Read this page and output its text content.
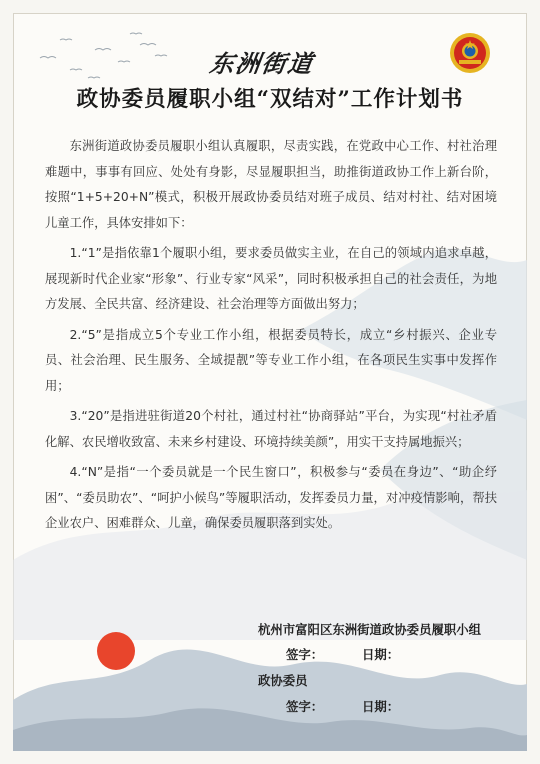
东洲街道
政协委员履职小组“双结对”工作计划书

东洲街道政协委员履职小组认真履职，尽责实践，在党政中心工作、村社治理难题中，事事有回应、处处有身影，尽显履职担当，助推街道政协工作上新台阶，按照“1+5+20+N”模式，积极开展政协委员结对班子成员、结对村社、结对困境儿童工作，具体安排如下：

1.“1”是指依靠1个履职小组，要求委员做实主业，在自己的领域内追求卓越，展现新时代企业家“形象”、行业专家“风采”，同时积极承担自己的社会责任，为地方发展、全民共富、经济建设、社会治理等方面做出努力；

2.“5”是指成立5个专业工作小组，根据委员特长，成立“乡村振兴、企业专员、社会治理、民生服务、全域提靓”等专业工作小组，在各项民生实事中发挥作用；

3.“20”是指进驻街道20个村社，通过村社“协商驿站”平台，为实现“村社矛盾化解、农民增收致富、未来乡村建设、环境持续美颜”，用实干支持属地振兴；

4.“N”是指“一个委员就是一个民生窗口”，积极参与“委员在身边”、“助企纾困”、“委员助农”、“呵护小候鸟”等履职活动，发挥委员力量，对冲疫情影响，帮扶企业农户、困难群众、儿童，确保委员履职落到实处。

杭州市富阳区东洲街道政协委员履职小组
签字：	日期：
政协委员
签字：	日期：
